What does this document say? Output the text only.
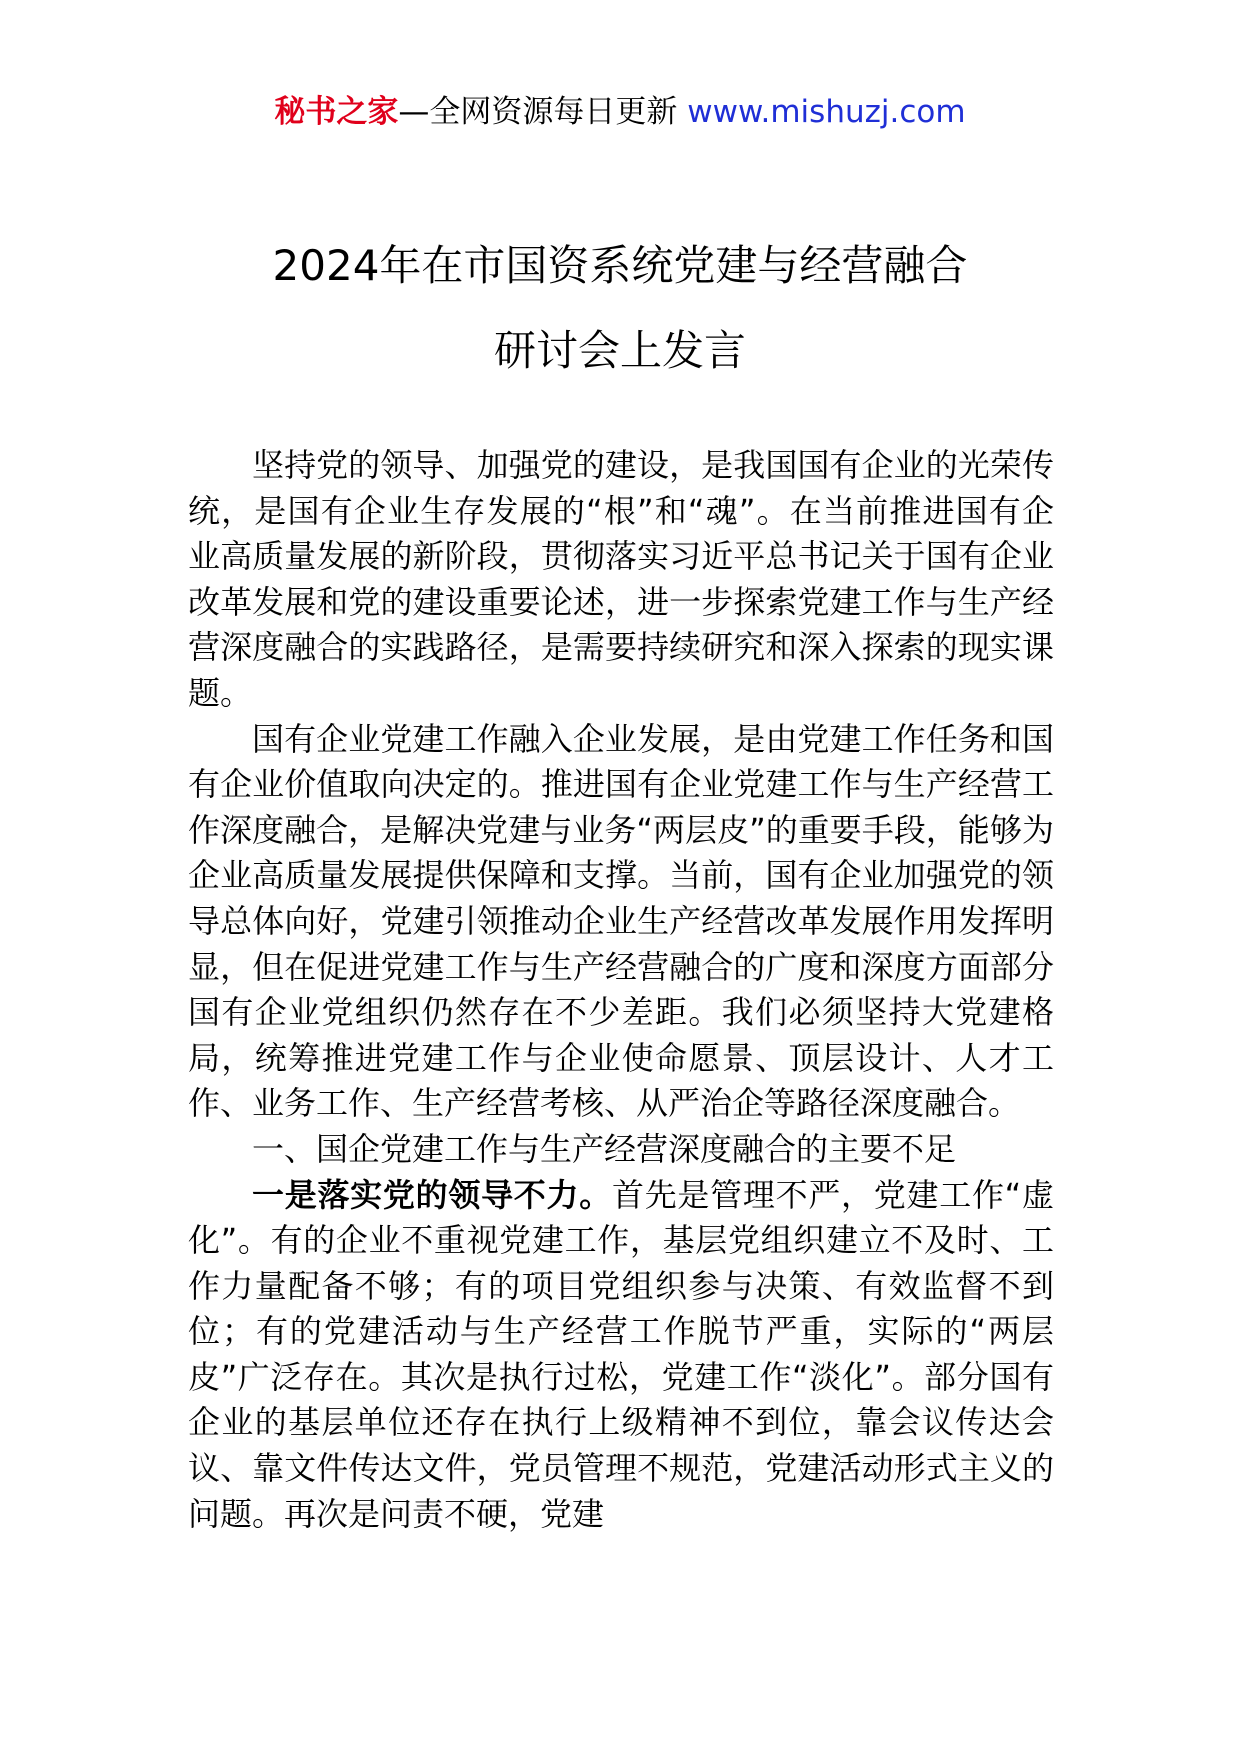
秘书之家—全网资源每日更新 www.mishuzj.com
2024年在市国资系统党建与经营融合
研讨会上发言

坚持党的领导、加强党的建设，是我国国有企业的光荣传统，是国有企业生存发展的“根”和“魂”。在当前推进国有企业高质量发展的新阶段，贯彻落实习近平总书记关于国有企业改革发展和党的建设重要论述，进一步探索党建工作与生产经营深度融合的实践路径，是需要持续研究和深入探索的现实课题。

国有企业党建工作融入企业发展，是由党建工作任务和国有企业价值取向决定的。推进国有企业党建工作与生产经营工作深度融合，是解决党建与业务“两层皮”的重要手段，能够为企业高质量发展提供保障和支撑。当前，国有企业加强党的领导总体向好，党建引领推动企业生产经营改革发展作用发挥明显，但在促进党建工作与生产经营融合的广度和深度方面部分国有企业党组织仍然存在不少差距。我们必须坚持大党建格局，统筹推进党建工作与企业使命愿景、顶层设计、人才工作、业务工作、生产经营考核、从严治企等路径深度融合。

一、国企党建工作与生产经营深度融合的主要不足

一是落实党的领导不力。首先是管理不严，党建工作“虚化”。有的企业不重视党建工作，基层党组织建立不及时、工作力量配备不够；有的项目党组织参与决策、有效监督不到位；有的党建活动与生产经营工作脱节严重，实际的“两层皮”广泛存在。其次是执行过松，党建工作“淡化”。部分国有企业的基层单位还存在执行上级精神不到位，靠会议传达会议、靠文件传达文件，党员管理不规范，党建活动形式主义的问题。再次是问责不硬，党建
